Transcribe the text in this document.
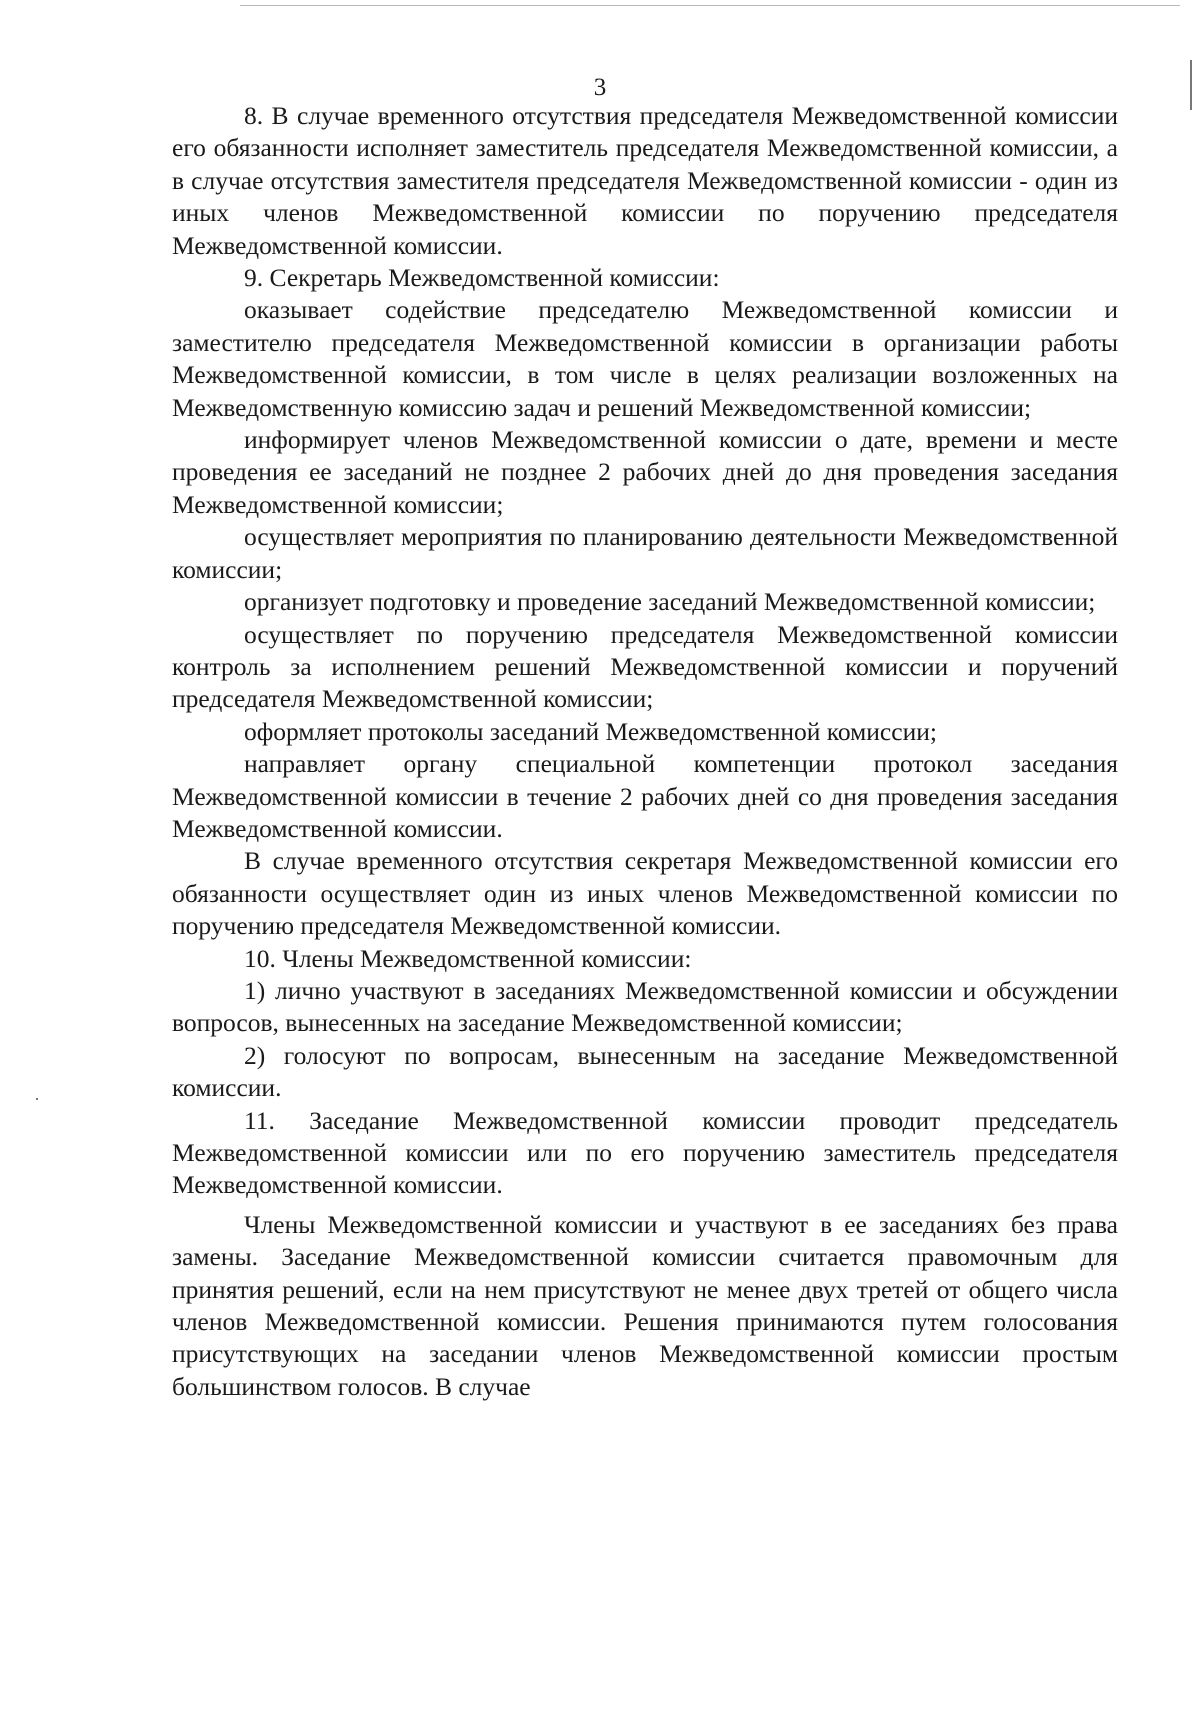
3

8. В случае временного отсутствия председателя Межведомственной комиссии его обязанности исполняет заместитель председателя Межведомственной комиссии, а в случае отсутствия заместителя председателя Межведомственной комиссии - один из иных членов Межведомственной комиссии по поручению председателя Межведомственной комиссии.

9. Секретарь Межведомственной комиссии:

оказывает содействие председателю Межведомственной комиссии и заместителю председателя Межведомственной комиссии в организации работы Межведомственной комиссии, в том числе в целях реализации возложенных на Межведомственную комиссию задач и решений Межведомственной комиссии;

информирует членов Межведомственной комиссии о дате, времени и месте проведения ее заседаний не позднее 2 рабочих дней до дня проведения заседания Межведомственной комиссии;

осуществляет мероприятия по планированию деятельности Межведомственной комиссии;

организует подготовку и проведение заседаний Межведомственной комиссии;

осуществляет по поручению председателя Межведомственной комиссии контроль за исполнением решений Межведомственной комиссии и поручений председателя Межведомственной комиссии;

оформляет протоколы заседаний Межведомственной комиссии;

направляет органу специальной компетенции протокол заседания Межведомственной комиссии в течение 2 рабочих дней со дня проведения заседания Межведомственной комиссии.

В случае временного отсутствия секретаря Межведомственной комиссии его обязанности осуществляет один из иных членов Межведомственной комиссии по поручению председателя Межведомственной комиссии.

10. Члены Межведомственной комиссии:

1) лично участвуют в заседаниях Межведомственной комиссии и обсуждении вопросов, вынесенных на заседание Межведомственной комиссии;

2) голосуют по вопросам, вынесенным на заседание Межведомственной комиссии.

11. Заседание Межведомственной комиссии проводит председатель Межведомственной комиссии или по его поручению заместитель председателя Межведомственной комиссии.

Члены Межведомственной комиссии и участвуют в ее заседаниях без права замены. Заседание Межведомственной комиссии считается правомочным для принятия решений, если на нем присутствуют не менее двух третей от общего числа членов Межведомственной комиссии. Решения принимаются путем голосования присутствующих на заседании членов Межведомственной комиссии простым большинством голосов. В случае
